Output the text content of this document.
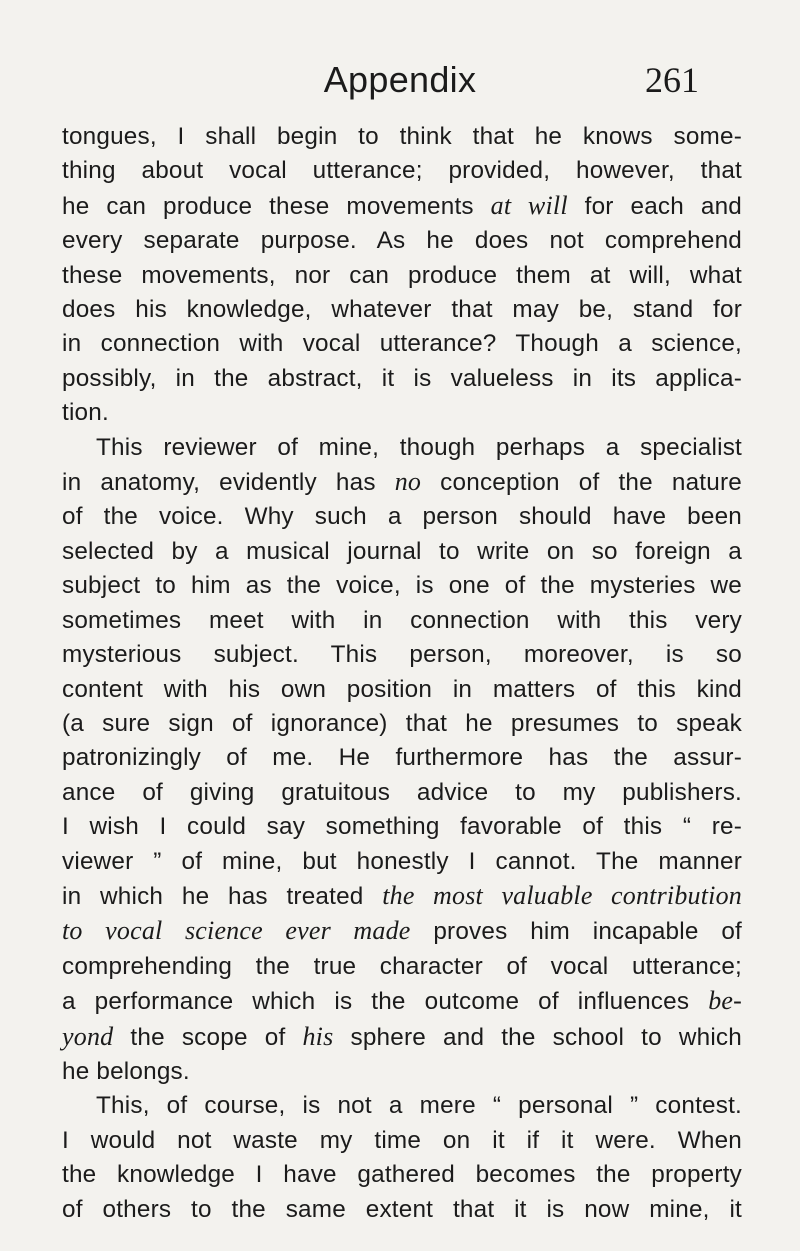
Appendix	261
tongues, I shall begin to think that he knows some-
thing about vocal utterance; provided, however, that
he can produce these movements at will for each and
every separate purpose. As he does not comprehend
these movements, nor can produce them at will, what
does his knowledge, whatever that may be, stand for
in connection with vocal utterance? Though a science,
possibly, in the abstract, it is valueless in its applica-
tion.
This reviewer of mine, though perhaps a specialist
in anatomy, evidently has no conception of the nature
of the voice. Why such a person should have been
selected by a musical journal to write on so foreign a
subject to him as the voice, is one of the mysteries we
sometimes meet with in connection with this very
mysterious subject. This person, moreover, is so
content with his own position in matters of this kind
(a sure sign of ignorance) that he presumes to speak
patronizingly of me. He furthermore has the assur-
ance of giving gratuitous advice to my publishers.
I wish I could say something favorable of this “ re-
viewer ” of mine, but honestly I cannot. The manner
in which he has treated the most valuable contribution
to vocal science ever made proves him incapable of
comprehending the true character of vocal utterance;
a performance which is the outcome of influences be-
yond the scope of his sphere and the school to which
he belongs.
This, of course, is not a mere “ personal ” contest.
I would not waste my time on it if it were. When
the knowledge I have gathered becomes the property
of others to the same extent that it is now mine, it
